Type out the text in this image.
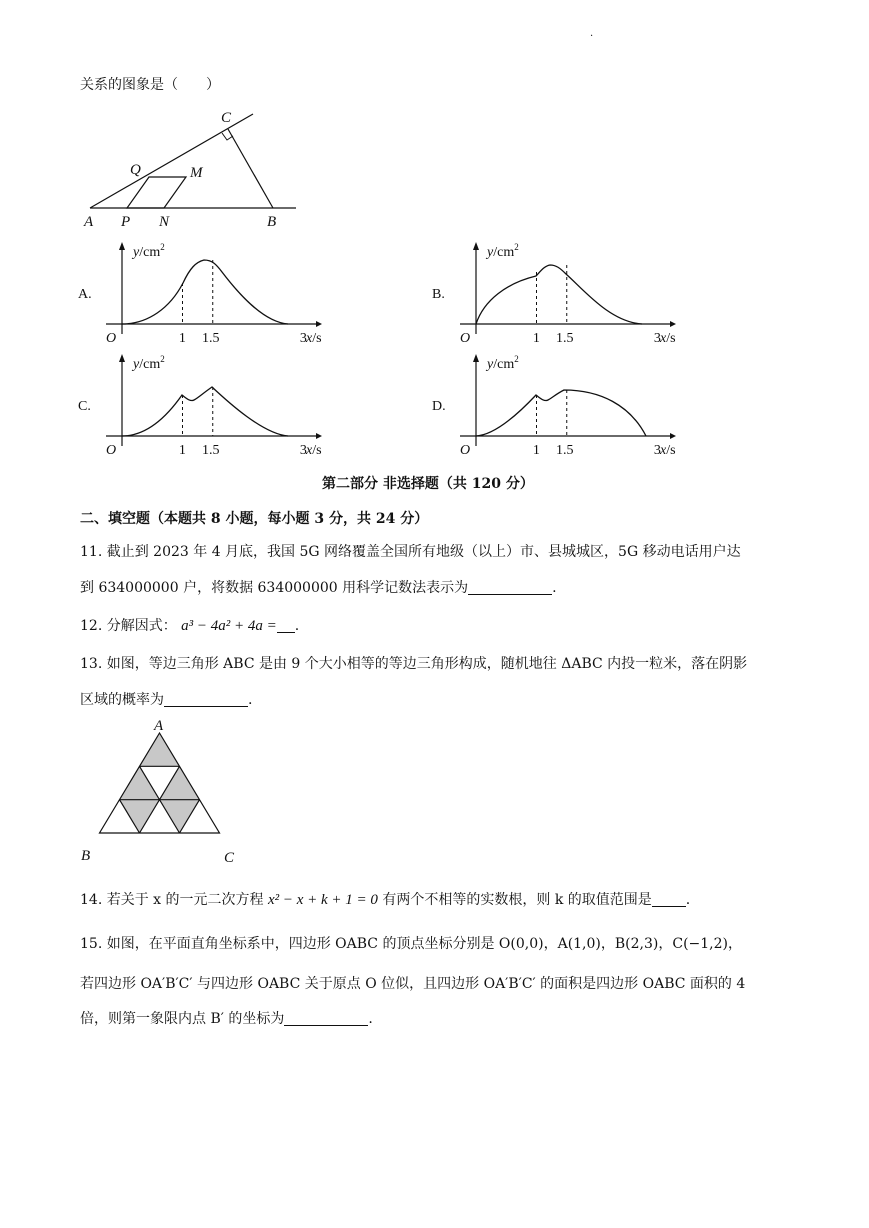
.
关系的图象是（　　）
A P N	B
C
Q	M
A.
$y/cm^2$
x/s
O	1 1.5	3
B.
$y/cm^2$
x/s
O	1 1.5	3
C.
$y/cm^2$
x/s
O	1 1.5	3
D.
$y/cm^2$
x/s
O	1 1.5	3
第二部分 非选择题（共 120 分）
二、填空题（本题共 8 小题，每小题 3 分，共 24 分）
11. 截止到 2023 年 4 月底，我国 5G 网络覆盖全国所有地级（以上）市、县城城区，5G 移动电话用户达
到 634000000 户，将数据 634000000 用科学记数法表示为	.
12. 分解因式： a³ − 4a² + 4a = .
13. 如图，等边三角形 ABC 是由 9 个大小相等的等边三角形构成，随机地往 ΔABC 内投一粒米，落在阴影
区域的概率为	.
A
B	C
14. 若关于 x 的一元二次方程 x² − x + k + 1 = 0 有两个不相等的实数根，则 k 的取值范围是 .
15. 如图，在平面直角坐标系中，四边形 OABC 的顶点坐标分别是 O(0,0)，A(1,0)，B(2,3)，C(−1,2)，
若四边形 OA′B′C′ 与四边形 OABC 关于原点 O 位似，且四边形 OA′B′C′ 的面积是四边形 OABC 面积的 4
倍，则第一象限内点 B′ 的坐标为	.
